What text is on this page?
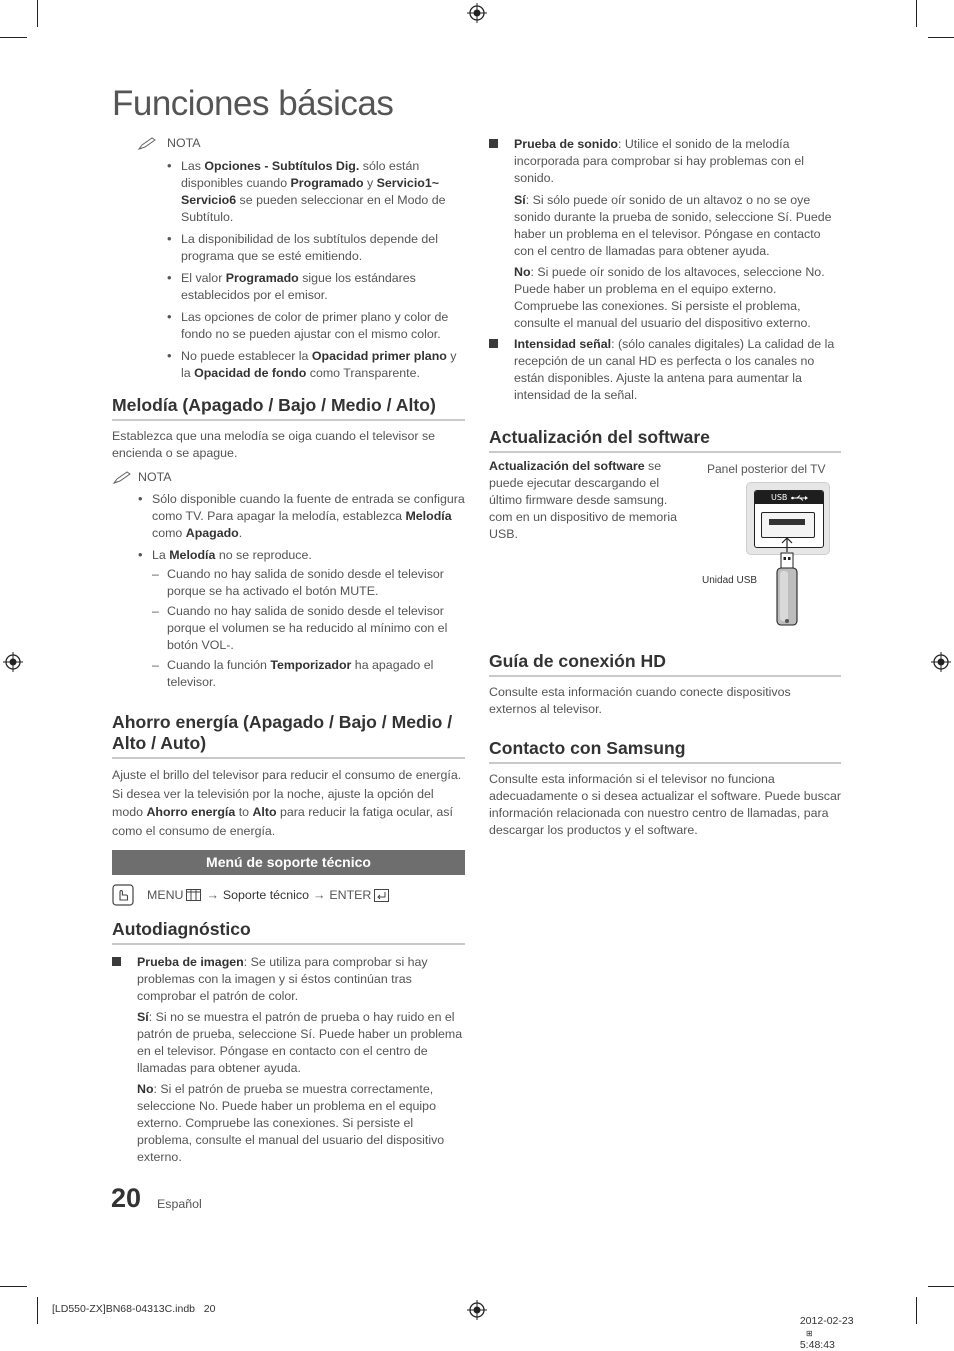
Funciones básicas
NOTA
• Las Opciones - Subtítulos Dig. sólo están disponibles cuando Programado y Servicio1~ Servicio6 se pueden seleccionar en el Modo de Subtítulo.
• La disponibilidad de los subtítulos depende del programa que se esté emitiendo.
• El valor Programado sigue los estándares establecidos por el emisor.
• Las opciones de color de primer plano y color de fondo no se pueden ajustar con el mismo color.
• No puede establecer la Opacidad primer plano y la Opacidad de fondo como Transparente.
Melodía (Apagado / Bajo / Medio / Alto)
Establezca que una melodía se oiga cuando el televisor se encienda o se apague.
NOTA
• Sólo disponible cuando la fuente de entrada se configura como TV. Para apagar la melodía, establezca Melodía como Apagado.
• La Melodía no se reproduce.
– Cuando no hay salida de sonido desde el televisor porque se ha activado el botón MUTE.
– Cuando no hay salida de sonido desde el televisor porque el volumen se ha reducido al mínimo con el botón VOL-.
– Cuando la función Temporizador ha apagado el televisor.
Ahorro energía (Apagado / Bajo / Medio / Alto / Auto)
Ajuste el brillo del televisor para reducir el consumo de energía. Si desea ver la televisión por la noche, ajuste la opción del modo Ahorro energía to Alto para reducir la fatiga ocular, así como el consumo de energía.
Menú de soporte técnico
MENU → Soporte técnico → ENTER
Autodiagnóstico
Prueba de imagen: Se utiliza para comprobar si hay problemas con la imagen y si éstos continúan tras comprobar el patrón de color.
Sí: Si no se muestra el patrón de prueba o hay ruido en el patrón de prueba, seleccione Sí. Puede haber un problema en el televisor. Póngase en contacto con el centro de llamadas para obtener ayuda.
No: Si el patrón de prueba se muestra correctamente, seleccione No. Puede haber un problema en el equipo externo. Compruebe las conexiones. Si persiste el problema, consulte el manual del usuario del dispositivo externo.
20 Español
Prueba de sonido: Utilice el sonido de la melodía incorporada para comprobar si hay problemas con el sonido.
Sí: Si sólo puede oír sonido de un altavoz o no se oye sonido durante la prueba de sonido, seleccione Sí. Puede haber un problema en el televisor. Póngase en contacto con el centro de llamadas para obtener ayuda.
No: Si puede oír sonido de los altavoces, seleccione No. Puede haber un problema en el equipo externo. Compruebe las conexiones. Si persiste el problema, consulte el manual del usuario del dispositivo externo.
Intensidad señal: (sólo canales digitales) La calidad de la recepción de un canal HD es perfecta o los canales no están disponibles. Ajuste la antena para aumentar la intensidad de la señal.
Actualización del software
Actualización del software se puede ejecutar descargando el último firmware desde samsung. com en un dispositivo de memoria USB.
Panel posterior del TV
USB
Unidad USB
Guía de conexión HD
Consulte esta información cuando conecte dispositivos externos al televisor.
Contacto con Samsung
Consulte esta información si el televisor no funciona adecuadamente o si desea actualizar el software. Puede buscar información relacionada con nuestro centro de llamadas, para descargar los productos y el software.
[LD550-ZX]BN68-04313C.indb   20

2012-02-23
⊞
5:48:43
